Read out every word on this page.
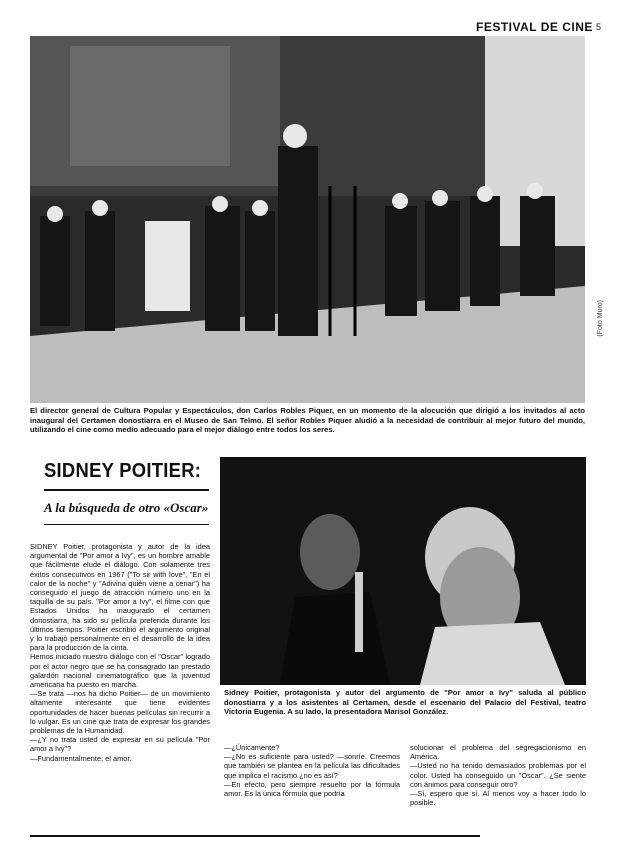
FESTIVAL DE CINE 5
(Foto Muro)
El director general de Cultura Popular y Espectáculos, don Carlos Robles Piquer, en un momento de la alocución que dirigió a los invitados al acto inaugural del Certamen donostiarra en el Museo de San Telmo. El señor Robles Piquer aludió a la necesidad de contribuir al mejor futuro del mundo, utilizando el cine como medio adecuado para el mejor diálogo entre todos los seres.
SIDNEY POITIER:
A la búsqueda de otro «Oscar»
Sidney Poitier, protagonista y autor del argumento de "Por amor a Ivy" saluda al público donostiarra y a los asistentes al Certamen, desde el escenario del Palacio del Festival, teatro Victoria Eugenia. A su lado, la presentadora Marisol González.

SIDNEY Poitier, protagonista y autor de la idea argumental de "Por amor a Ivy", es un hombre amable que fácilmente elude el diálogo. Con solamente tres éxitos consecutivos en 1967 ("To sir with love", "En el calor de la noche" y "Adivina quién viene a cenar") ha conseguido el juego de atracción número uno en la taquilla de su país. "Por amor a Ivy", el filme con que Estados Unidos ha inaugurado el certamen donostiarra, ha sido su película preferida durante los últimos tiempos. Poitier escribió el argumento original y lo trabajó personalmente en el desarrollo de la idea para la producción de la cinta.

Hemos iniciado nuestro diálogo con el "Oscar" logrado por el actor negro que se ha consagrado tan prestado galardón nacional cinematográfico que la juventud americana ha puesto en marcha.

—Se trata —nos ha dicho Poitier— de un movimiento altamente interesante que tiene evidentes oportunidades de hacer buenas películas sin recurrir a lo vulgar. Es un cine que trata de expresar los grandes problemas de la Humanidad.

—¿Y no trata usted de expresar en su película "Por amor a Ivy"?

—Fundamentalmente, el amor.

—¿Únicamente?

—¿No es suficiente para usted? —sonríe. Creemos que también se plantea en la película las dificultades que implica el racismo ¿no es así?

—En efecto, pero siempre resuelto por la fórmula amor. Es la única fórmula que podría

solucionar el problema del segregacionismo en América.

—Usted no ha tenido demasiados problemas por el color. Usted ha conseguido un "Oscar". ¿Se siente con ánimos para conseguir otro?

—Sí, espero que sí. Al menos voy a hacer todo lo posible.
